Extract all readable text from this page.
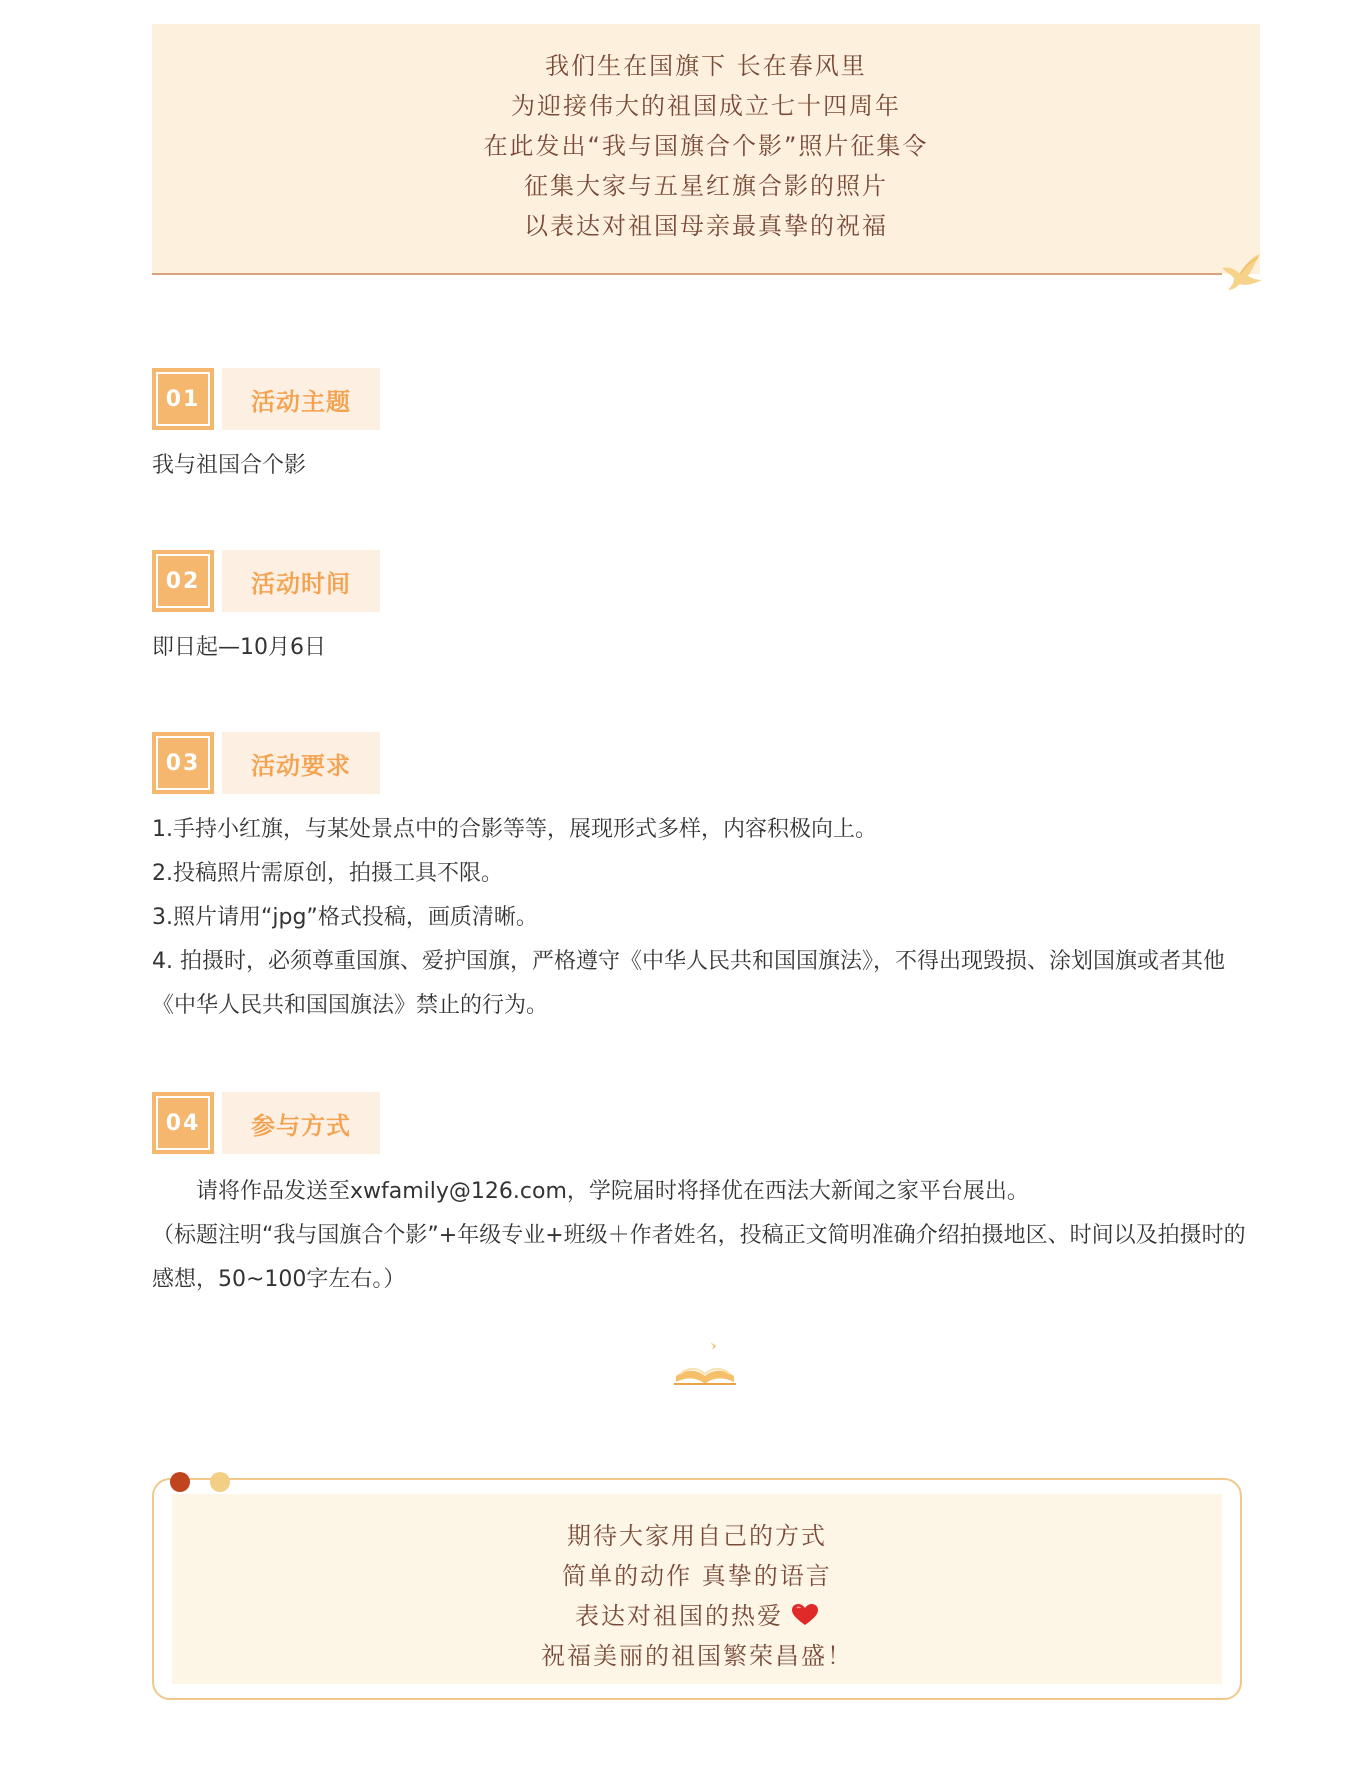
我们生在国旗下 长在春风里

为迎接伟大的祖国成立七十四周年

在此发出“我与国旗合个影”照片征集令

征集大家与五星红旗合影的照片

以表达对祖国母亲最真挚的祝福

01 活动主题

我与祖国合个影

02 活动时间

即日起—10月6日

03 活动要求

1.手持小红旗，与某处景点中的合影等等，展现形式多样，内容积极向上。

2.投稿照片需原创，拍摄工具不限。

3.照片请用“jpg”格式投稿，画质清晰。

4. 拍摄时，必须尊重国旗、爱护国旗，严格遵守《中华人民共和国国旗法》，不得出现毁损、涂划国旗或者其他《中华人民共和国国旗法》禁止的行为。

04 参与方式

请将作品发送至xwfamily@126.com，学院届时将择优在西法大新闻之家平台展出。

（标题注明“我与国旗合个影”+年级专业+班级＋作者姓名，投稿正文简明准确介绍拍摄地区、时间以及拍摄时的感想，50~100字左右。）

期待大家用自己的方式

简单的动作 真挚的语言

表达对祖国的热爱

祝福美丽的祖国繁荣昌盛！
